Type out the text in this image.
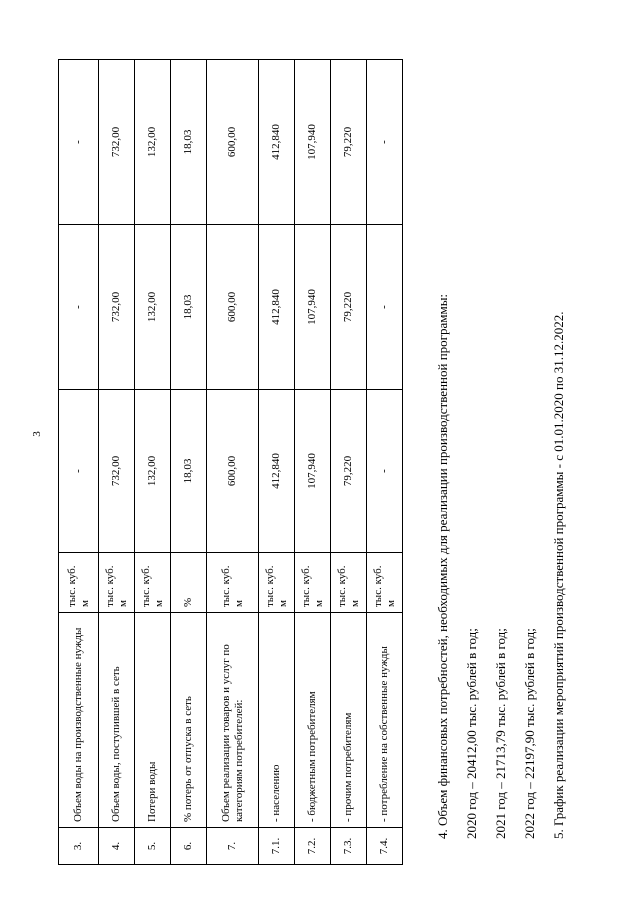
3
3.	Объем воды на производственные нужды	тыс. куб. м	-	-	-
4.	Объем воды, поступившей в сеть	тыс. куб. м	732,00	732,00	732,00
5.	Потери воды	тыс. куб. м	132,00	132,00	132,00
6.	% потерь от отпуска в сеть	%	18,03	18,03	18,03
7.	Объем реализации товаров и услуг по категориям потребителей:	тыс. куб. м	600,00	600,00	600,00
7.1.	- населению	тыс. куб. м	412,840	412,840	412,840
7.2.	- бюджетным потребителям	тыс. куб. м	107,940	107,940	107,940
7.3.	- прочим потребителям	тыс. куб. м	79,220	79,220	79,220
7.4.	- потребление на собственные нужды	тыс. куб. м	-	-	-

4. Объем финансовых потребностей, необходимых для реализации производственной программы:	2020 год – 20412,00 тыс. рублей в год;	2021 год – 21713,79 тыс. рублей в год;	2022 год – 22197,90 тыс. рублей в год;	5. График реализации мероприятий производственной программы - с 01.01.2020 по 31.12.2022.
